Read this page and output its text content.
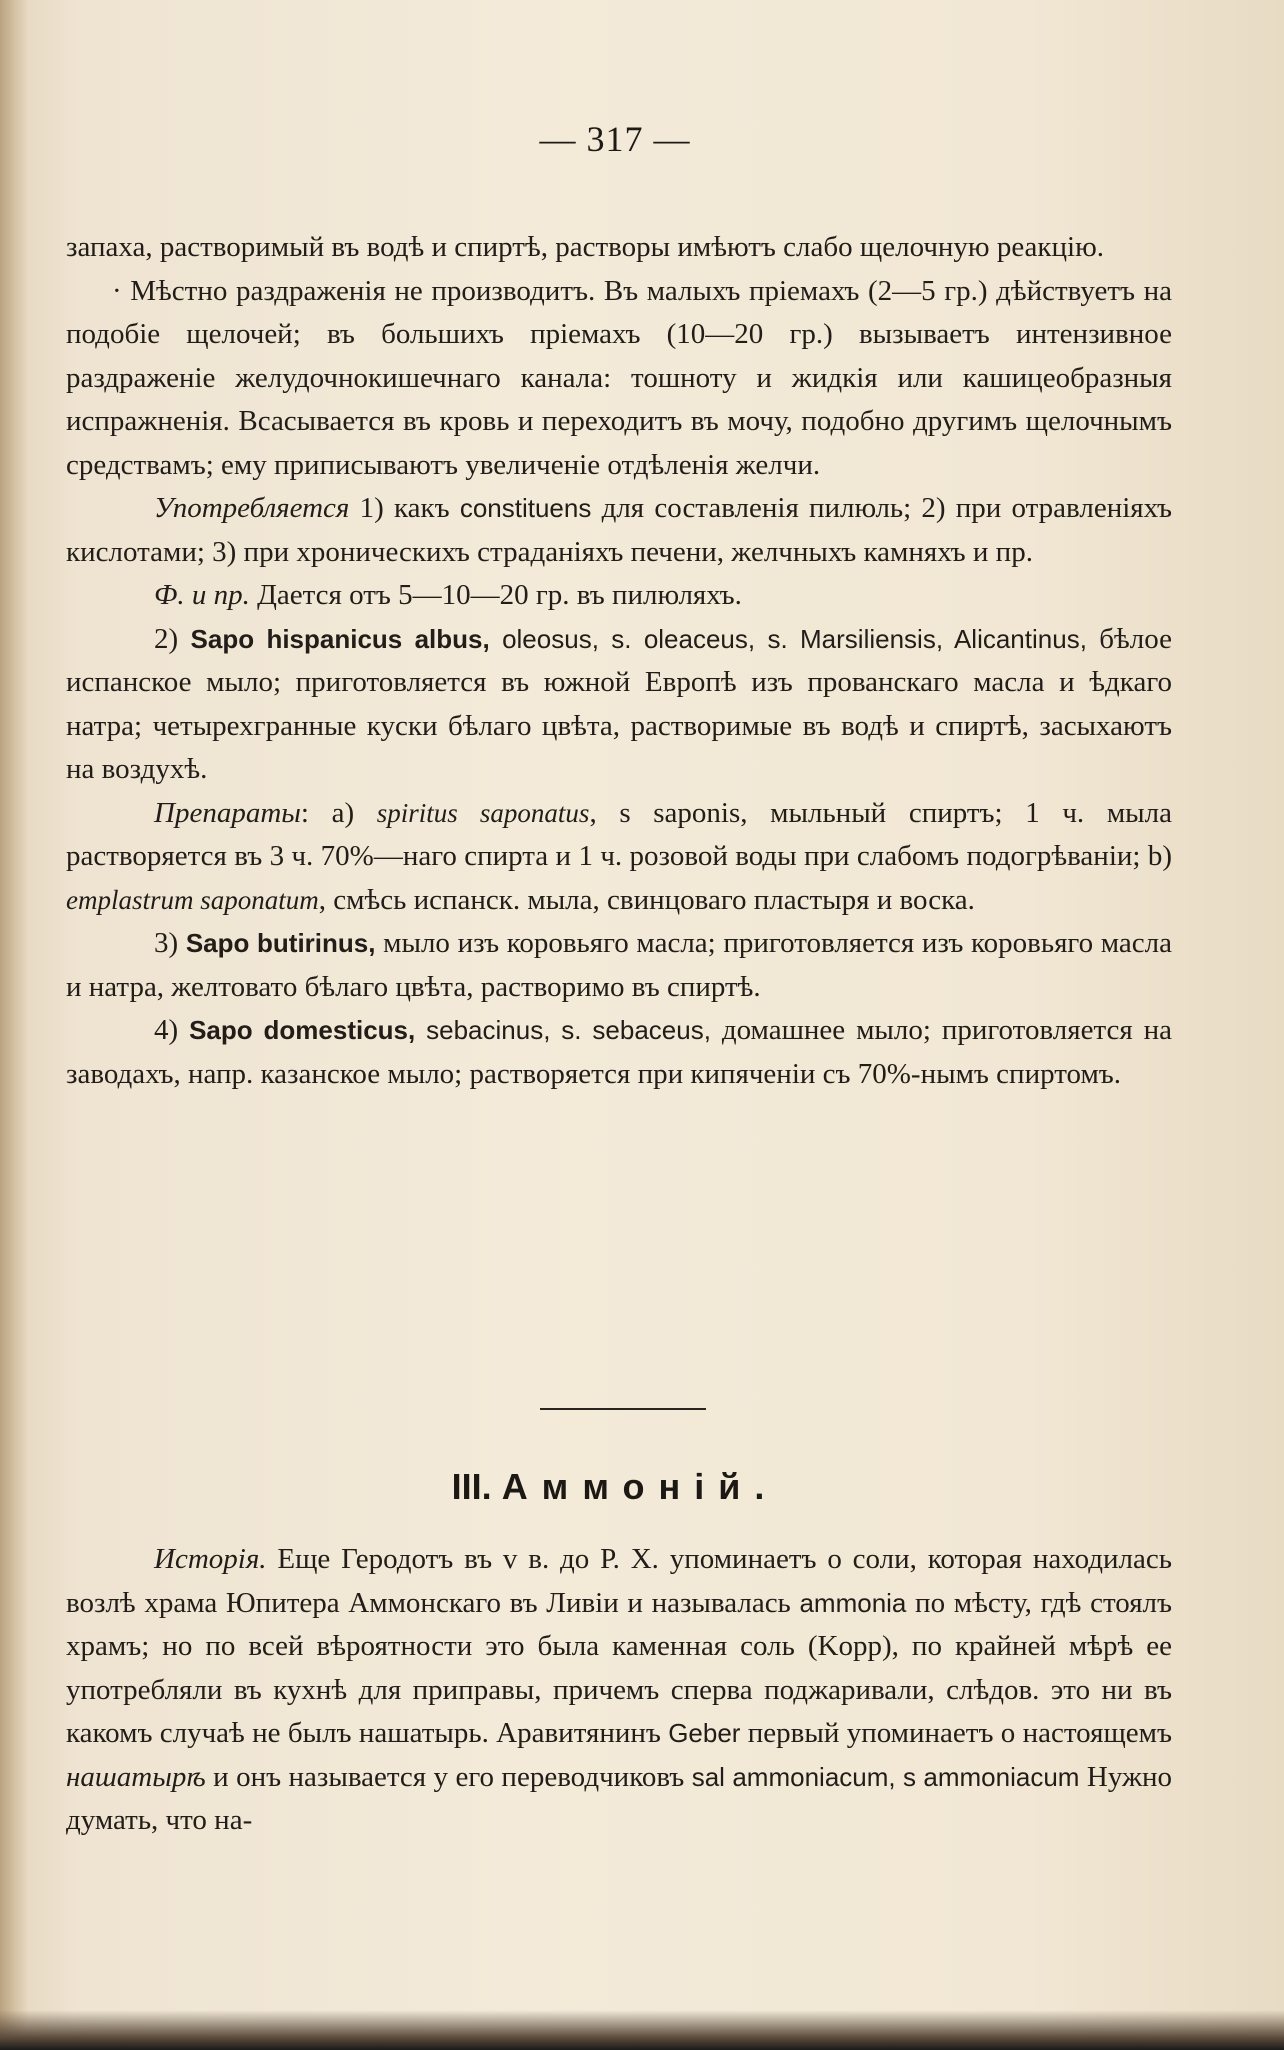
— 317 —

запаха, растворимый въ водѣ и спиртѣ, растворы имѣютъ слабо щелочную реакцію.

· Мѣстно раздраженія не производитъ. Въ малыхъ пріемахъ (2—5 гр.) дѣйствуетъ на подобіе щелочей; въ большихъ пріемахъ (10—20 гр.) вызываетъ интензивное раздраженіе желудочнокишечнаго канала: тошноту и жидкія или кашицеобразныя испражненія. Всасывается въ кровь и переходитъ въ мочу, подобно другимъ щелочнымъ средствамъ; ему приписываютъ увеличеніе отдѣленія желчи.

Употребляется 1) какъ constituens для составленія пилюль; 2) при отравленіяхъ кислотами; 3) при хроническихъ страданіяхъ печени, желчныхъ камняхъ и пр.

Ф. и пр. Дается отъ 5—10—20 гр. въ пилюляхъ.

2) Sapo hispanicus albus, oleosus, s. oleaceus, s. Marsiliensis, Alicantinus, бѣлое испанское мыло; приготовляется въ южной Европѣ изъ прованскаго масла и ѣдкаго натра; четырехгранные куски бѣлаго цвѣта, растворимые въ водѣ и спиртѣ, засыхаютъ на воздухѣ.

Препараты: a) spiritus saponatus, s saponis, мыльный спиртъ; 1 ч. мыла растворяется въ 3 ч. 70%—наго спирта и 1 ч. розовой воды при слабомъ подогрѣваніи; b) emplastrum saponatum, смѣсь испанск. мыла, свинцоваго пластыря и воска.

3) Sapo butirinus, мыло изъ коровьяго масла; приготовляется изъ коровьяго масла и натра, желтовато бѣлаго цвѣта, растворимо въ спиртѣ.

4) Sapo domesticus, sebacinus, s. sebaceus, домашнее мыло; приготовляется на заводахъ, напр. казанское мыло; растворяется при кипяченіи съ 70%-нымъ спиртомъ.

III. Аммоній.

Исторія. Еще Геродотъ въ v в. до Р. Х. упоминаетъ о соли, которая находилась возлѣ храма Юпитера Аммонскаго въ Ливіи и называлась ammonia по мѣсту, гдѣ стоялъ храмъ; но по всей вѣроятности это была каменная соль (Kopp), по крайней мѣрѣ ее употребляли въ кухнѣ для приправы, причемъ сперва поджаривали, слѣдов. это ни въ какомъ случаѣ не былъ нашатырь. Аравитянинъ Geber первый упоминаетъ о настоящемъ нашатырѣ и онъ называется у его переводчиковъ sal ammoniacum, s ammoniacum Нужно думать, что на-
